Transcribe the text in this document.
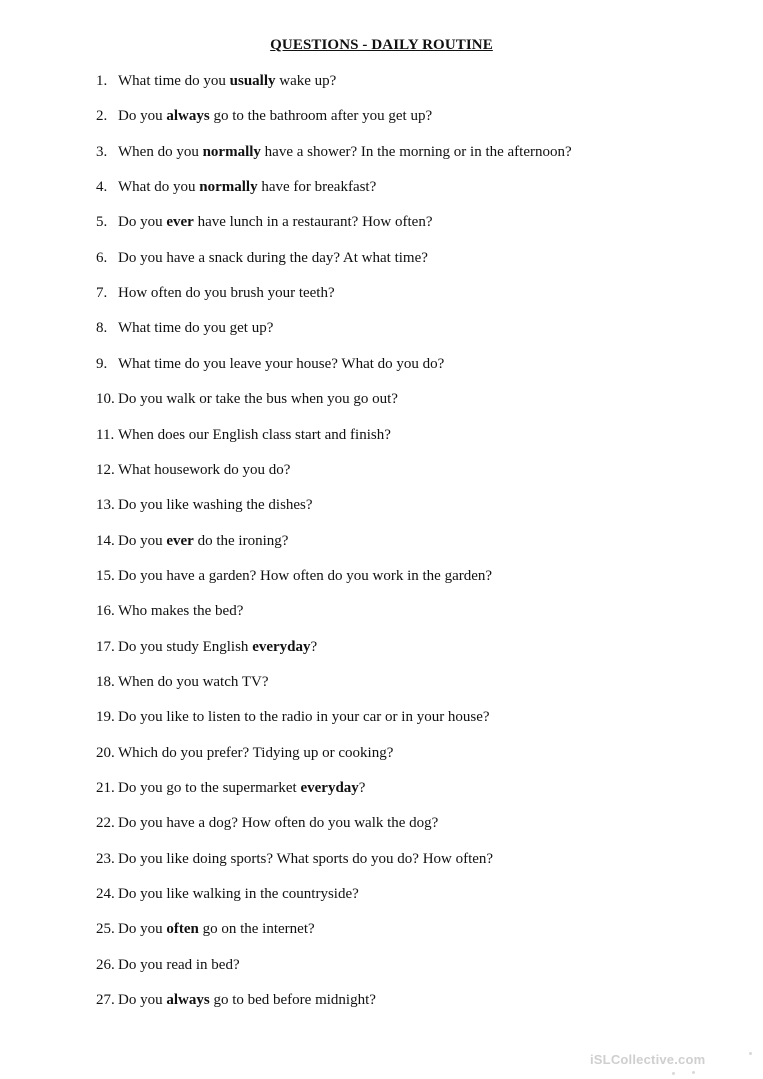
QUESTIONS - DAILY ROUTINE
1. What time do you usually wake up?
2. Do you always go to the bathroom after you get up?
3. When do you normally have a shower? In the morning or in the afternoon?
4. What do you normally have for breakfast?
5. Do you ever have lunch in a restaurant? How often?
6. Do you have a snack during the day? At what time?
7. How often do you brush your teeth?
8. What time do you get up?
9. What time do you leave your house? What do you do?
10. Do you walk or take the bus when you go out?
11. When does our English class start and finish?
12. What housework do you do?
13. Do you like washing the dishes?
14. Do you ever do the ironing?
15. Do you have a garden? How often do you work in the garden?
16. Who makes the bed?
17. Do you study English everyday?
18. When do you watch TV?
19. Do you like to listen to the radio in your car or in your house?
20. Which do you prefer? Tidying up or cooking?
21. Do you go to the supermarket everyday?
22. Do you have a dog? How often do you walk the dog?
23. Do you like doing sports? What sports do you do? How often?
24. Do you like walking in the countryside?
25. Do you often go on the internet?
26. Do you read in bed?
27. Do you always go to bed before midnight?
iSLCollective.com
